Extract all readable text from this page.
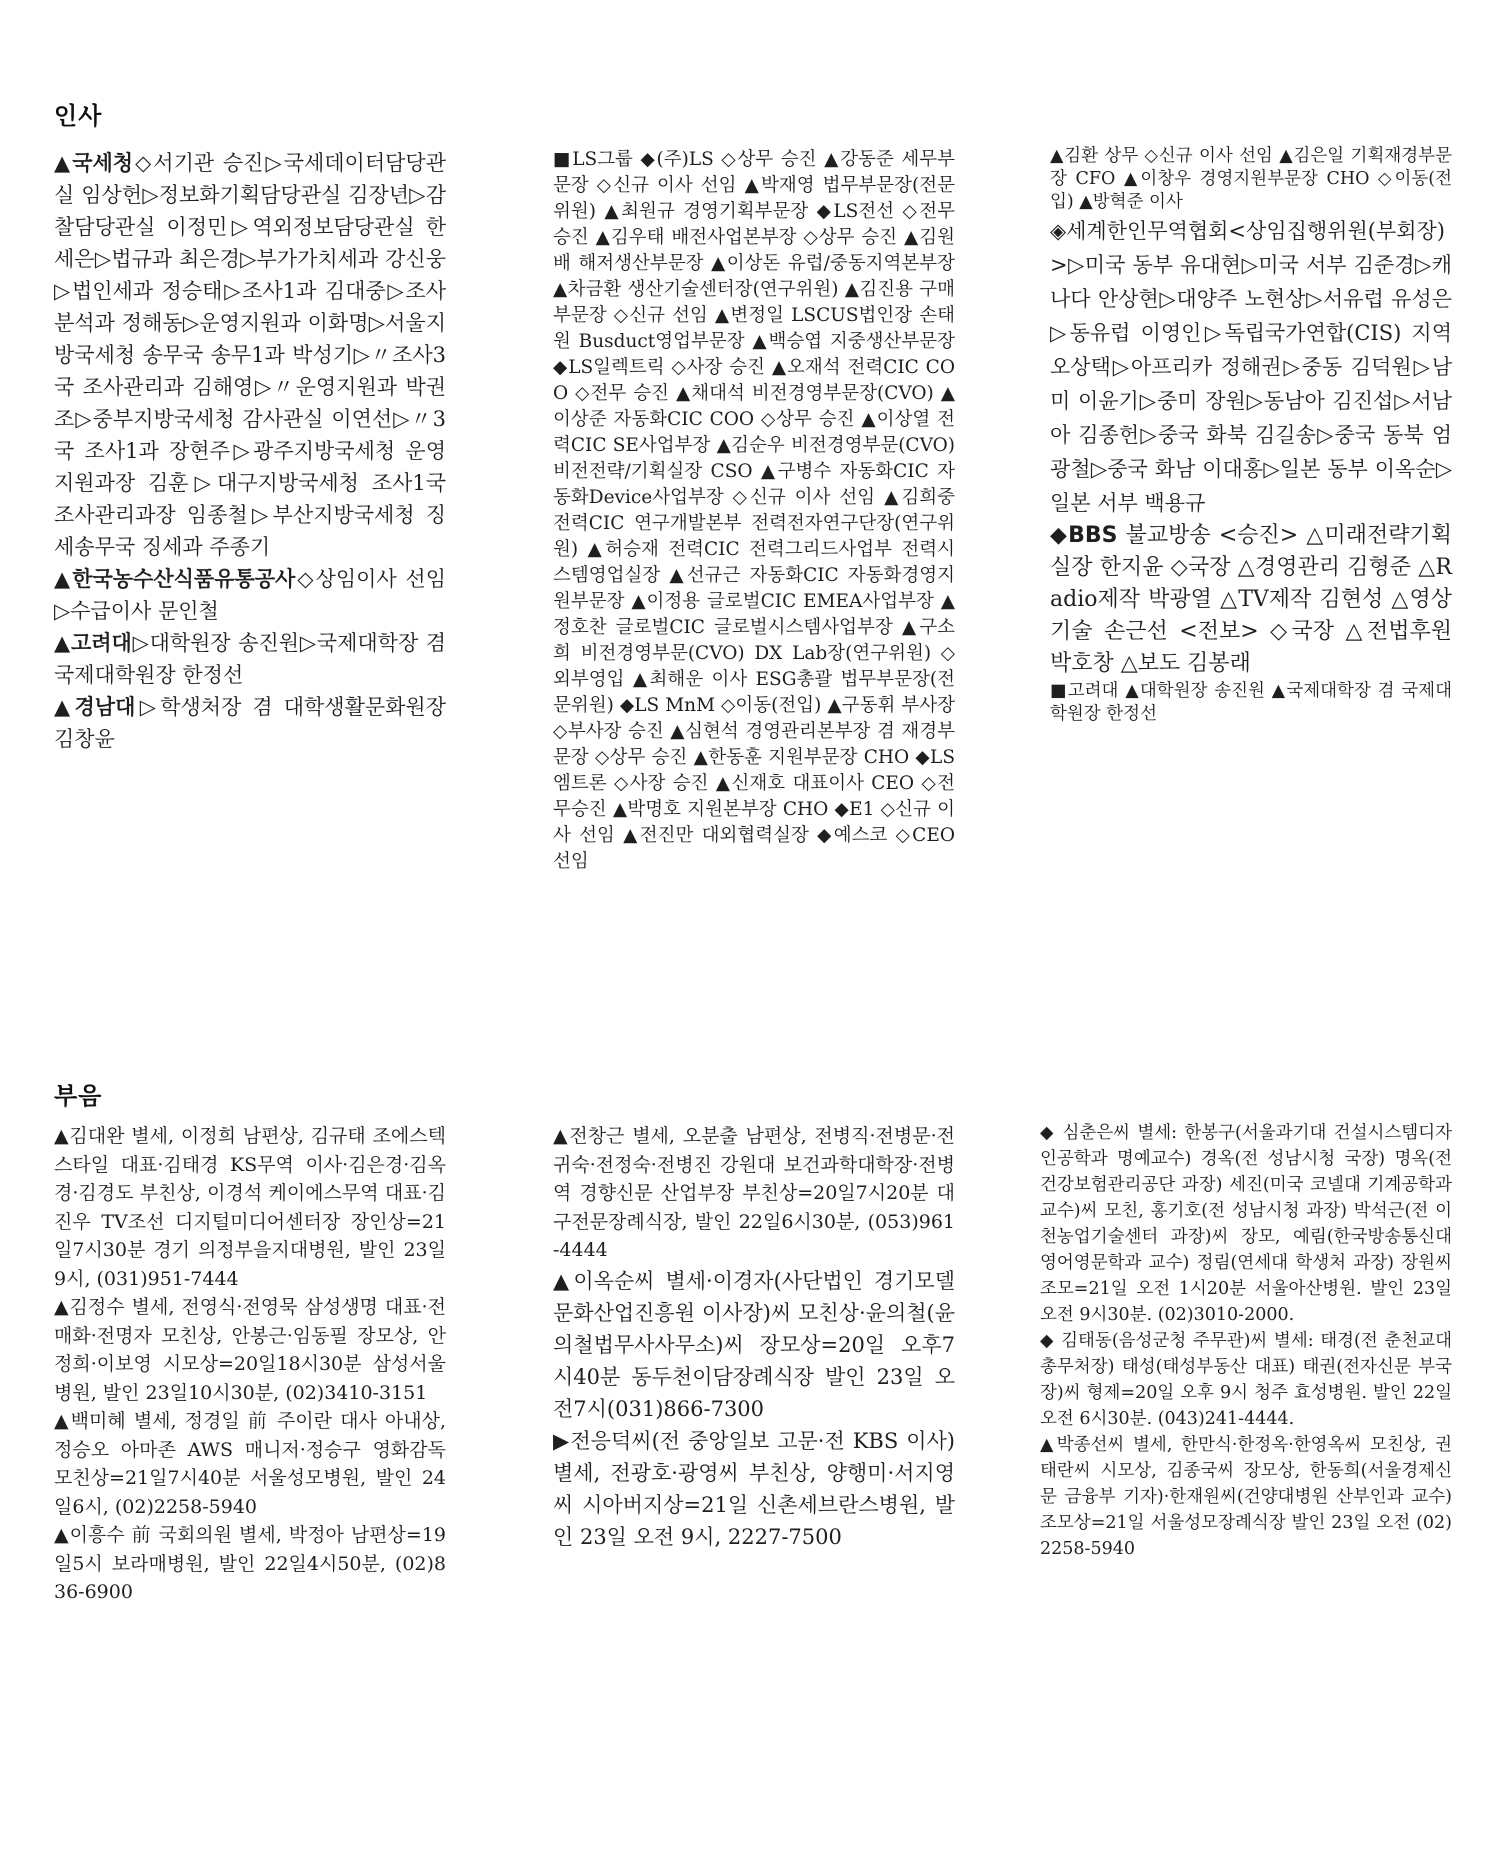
인사

▲국세청◇서기관 승진▷국세데이터담당관실 임상헌▷정보화기획담당관실 김장년▷감찰담당관실 이정민▷역외정보담당관실 한세은▷법규과 최은경▷부가가치세과 강신웅▷법인세과 정승태▷조사1과 김대중▷조사분석과 정해동▷운영지원과 이화명▷서울지방국세청 송무국 송무1과 박성기▷〃조사3국 조사관리과 김해영▷〃운영지원과 박권조▷중부지방국세청 감사관실 이연선▷〃3국 조사1과 장현주▷광주지방국세청 운영지원과장 김훈▷대구지방국세청 조사1국 조사관리과장 임종철▷부산지방국세청 징세송무국 징세과 주종기

▲한국농수산식품유통공사◇상임이사 선임▷수급이사 문인철

▲고려대▷대학원장 송진원▷국제대학장 겸 국제대학원장 한정선

▲경남대▷학생처장 겸 대학생활문화원장 김창윤

■LS그룹 ◆(주)LS ◇상무 승진 ▲강동준 세무부문장 ◇신규 이사 선임 ▲박재영 법무부문장(전문위원) ▲최원규 경영기획부문장 ◆LS전선 ◇전무승진 ▲김우태 배전사업본부장 ◇상무 승진 ▲김원배 해저생산부문장 ▲이상돈 유럽/중동지역본부장 ▲차금환 생산기술센터장(연구위원) ▲김진용 구매부문장 ◇신규 선임 ▲변정일 LSCUS법인장 손태원 Busduct영업부문장 ▲백승엽 지중생산부문장 ◆LS일렉트릭 ◇사장 승진 ▲오재석 전력CIC COO ◇전무 승진 ▲채대석 비전경영부문장(CVO) ▲이상준 자동화CIC COO ◇상무 승진 ▲이상열 전력CIC SE사업부장 ▲김순우 비전경영부문(CVO) 비전전략/기획실장 CSO ▲구병수 자동화CIC 자동화Device사업부장 ◇신규 이사 선임 ▲김희중 전력CIC 연구개발본부 전력전자연구단장(연구위원) ▲허승재 전력CIC 전력그리드사업부 전력시스템영업실장 ▲선규근 자동화CIC 자동화경영지원부문장 ▲이정용 글로벌CIC EMEA사업부장 ▲정호찬 글로벌CIC 글로벌시스템사업부장 ▲구소희 비전경영부문(CVO) DX Lab장(연구위원) ◇외부영입 ▲최해운 이사 ESG총괄 법무부문장(전문위원) ◆LS MnM ◇이동(전입) ▲구동휘 부사장 ◇부사장 승진 ▲심현석 경영관리본부장 겸 재경부문장 ◇상무 승진 ▲한동훈 지원부문장 CHO ◆LS엠트론 ◇사장 승진 ▲신재호 대표이사 CEO ◇전무승진 ▲박명호 지원본부장 CHO ◆E1 ◇신규 이사 선임 ▲전진만 대외협력실장 ◆예스코 ◇CEO 선임

▲김환 상무 ◇신규 이사 선임 ▲김은일 기획재경부문장 CFO ▲이창우 경영지원부문장 CHO ◇이동(전입) ▲방혁준 이사

◈세계한인무역협회<상임집행위원(부회장)>▷미국 동부 유대현▷미국 서부 김준경▷캐나다 안상현▷대양주 노현상▷서유럽 유성은▷동유럽 이영인▷독립국가연합(CIS) 지역 오상택▷아프리카 정해권▷중동 김덕원▷남미 이윤기▷중미 장원▷동남아 김진섭▷서남아 김종헌▷중국 화북 김길송▷중국 동북 엄광철▷중국 화남 이대홍▷일본 동부 이옥순▷일본 서부 백용규

◆BBS 불교방송 <승진> △미래전략기획실장 한지윤 ◇국장 △경영관리 김형준 △Radio제작 박광열 △TV제작 김현성 △영상기술 손근선 <전보> ◇국장 △전법후원 박호창 △보도 김봉래

■고려대 ▲대학원장 송진원 ▲국제대학장 겸 국제대학원장 한정선

부음

▲김대완 별세, 이정희 남편상, 김규태 조에스텍스타일 대표·김태경 KS무역 이사·김은경·김옥경·김경도 부친상, 이경석 케이에스무역 대표·김진우 TV조선 디지털미디어센터장 장인상=21일7시30분 경기 의정부을지대병원, 발인 23일9시, (031)951-7444

▲김정수 별세, 전영식·전영묵 삼성생명 대표·전매화·전명자 모친상, 안봉근·임동필 장모상, 안정희·이보영 시모상=20일18시30분 삼성서울병원, 발인 23일10시30분, (02)3410-3151

▲백미혜 별세, 정경일 前 주이란 대사 아내상, 정승오 아마존 AWS 매니저·정승구 영화감독 모친상=21일7시40분 서울성모병원, 발인 24일6시, (02)2258-5940

▲이흥수 前 국회의원 별세, 박정아 남편상=19일5시 보라매병원, 발인 22일4시50분, (02)836-6900

▲전창근 별세, 오분출 남편상, 전병직·전병문·전귀숙·전정숙·전병진 강원대 보건과학대학장·전병역 경향신문 산업부장 부친상=20일7시20분 대구전문장례식장, 발인 22일6시30분, (053)961-4444

▲이옥순씨 별세·이경자(사단법인 경기모델문화산업진흥원 이사장)씨 모친상·윤의철(윤의철법무사사무소)씨 장모상=20일 오후7시40분 동두천이담장례식장 발인 23일 오전7시(031)866-7300

▶전응덕씨(전 중앙일보 고문·전 KBS 이사) 별세, 전광호·광영씨 부친상, 양행미·서지영씨 시아버지상=21일 신촌세브란스병원, 발인 23일 오전 9시, 2227-7500

◆ 심춘은씨 별세: 한봉구(서울과기대 건설시스템디자인공학과 명예교수) 경옥(전 성남시청 국장) 명옥(전 건강보험관리공단 과장) 세진(미국 코넬대 기계공학과 교수)씨 모친, 홍기호(전 성남시청 과장) 박석근(전 이천농업기술센터 과장)씨 장모, 예림(한국방송통신대 영어영문학과 교수) 정림(연세대 학생처 과장) 장원씨 조모=21일 오전 1시20분 서울아산병원. 발인 23일 오전 9시30분. (02)3010-2000.

◆ 김태동(음성군청 주무관)씨 별세: 태경(전 춘천교대 총무처장) 태성(태성부동산 대표) 태권(전자신문 부국장)씨 형제=20일 오후 9시 청주 효성병원. 발인 22일 오전 6시30분. (043)241-4444.

▲박종선씨 별세, 한만식·한정옥·한영옥씨 모친상, 권태란씨 시모상, 김종국씨 장모상, 한동희(서울경제신문 금융부 기자)·한재원씨(건양대병원 산부인과 교수)조모상=21일 서울성모장례식장 발인 23일 오전 (02)2258-5940
